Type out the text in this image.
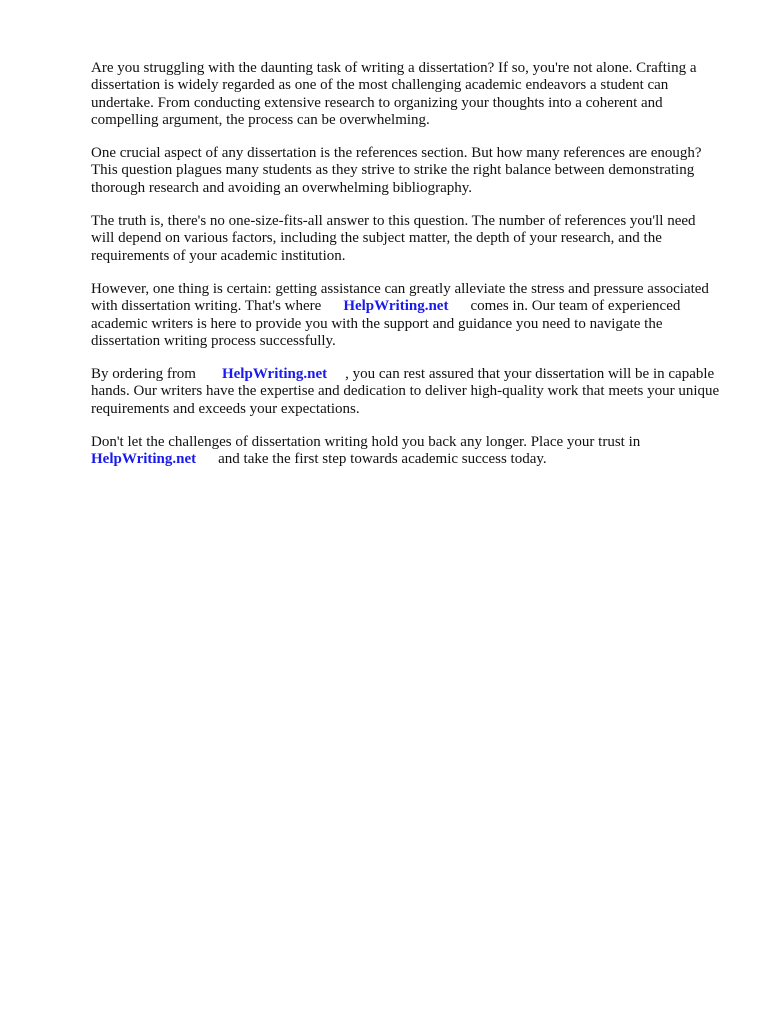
Are you struggling with the daunting task of writing a dissertation? If so, you're not alone. Crafting a dissertation is widely regarded as one of the most challenging academic endeavors a student can undertake. From conducting extensive research to organizing your thoughts into a coherent and compelling argument, the process can be overwhelming.

One crucial aspect of any dissertation is the references section. But how many references are enough? This question plagues many students as they strive to strike the right balance between demonstrating thorough research and avoiding an overwhelming bibliography.

The truth is, there's no one-size-fits-all answer to this question. The number of references you'll need will depend on various factors, including the subject matter, the depth of your research, and the requirements of your academic institution.

However, one thing is certain: getting assistance can greatly alleviate the stress and pressure associated with dissertation writing. That's where HelpWriting.net comes in. Our team of experienced academic writers is here to provide you with the support and guidance you need to navigate the dissertation writing process successfully.

By ordering from HelpWriting.net , you can rest assured that your dissertation will be in capable hands. Our writers have the expertise and dedication to deliver high-quality work that meets your unique requirements and exceeds your expectations.

Don't let the challenges of dissertation writing hold you back any longer. Place your trust in HelpWriting.net and take the first step towards academic success today.
